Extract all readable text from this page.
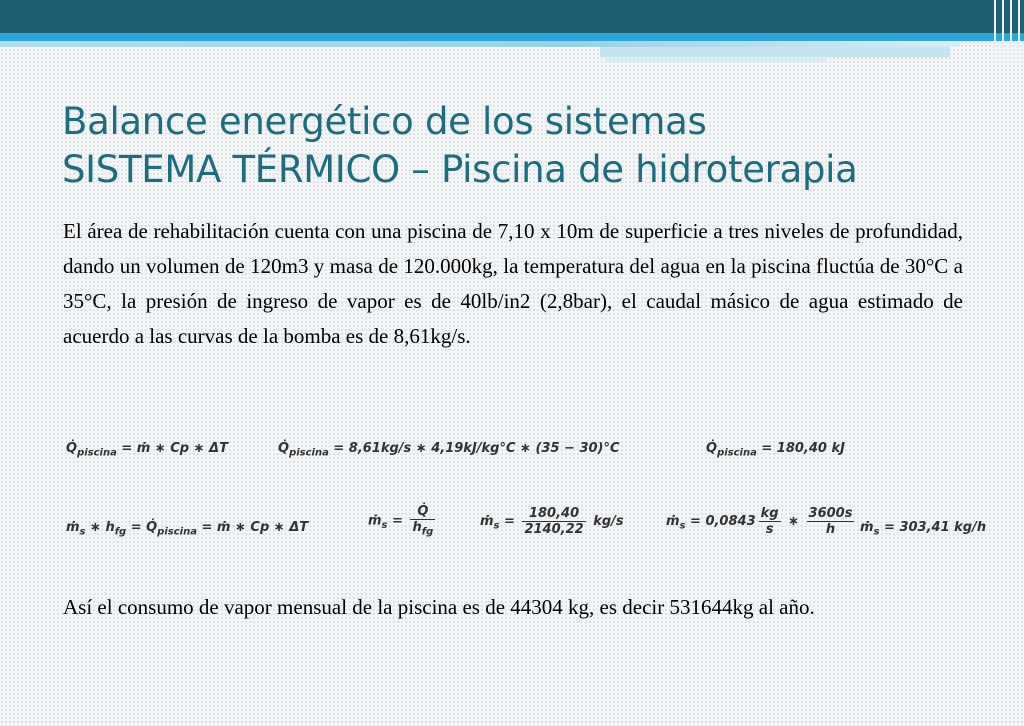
Balance energético de los sistemas
SISTEMA TÉRMICO – Piscina de hidroterapia
El área de rehabilitación cuenta con una piscina de 7,10 x 10m de superficie a tres niveles de profundidad, dando un volumen de 120m3 y masa de 120.000kg, la temperatura del agua en la piscina fluctúa de 30°C a 35°C, la presión de ingreso de vapor es de 40lb/in2 (2,8bar), el caudal másico de agua estimado de acuerdo a las curvas de la bomba es de 8,61kg/s.
$Q̇_{piscina}$ = ṁ ∗ Cp ∗ ΔT	$Q̇_{piscina} = 8,61kg/s$ ∗ 4,19kJ/kg°C ∗ (35 − 30)°C	$Q̇_{piscina} = 180,40$ kJ
ṁ$_s$ ∗ $h_{fg}$ = $Q̇_{piscina}$ = ṁ ∗ Cp ∗ ΔT	ṁ$_s$ = $\frac{Q̇}{h_{fg}}$	ṁ$_s$ = $\frac{180,40}{2140,22} kg/s$	ṁ$_s$ = $0,0843 \frac{kg}{s}$ ∗ $\frac{3600s}{h}$ ṁ$_s$ = 303,41 kg/h
Así el consumo de vapor mensual de la piscina es de 44304 kg, es decir 531644kg al año.
